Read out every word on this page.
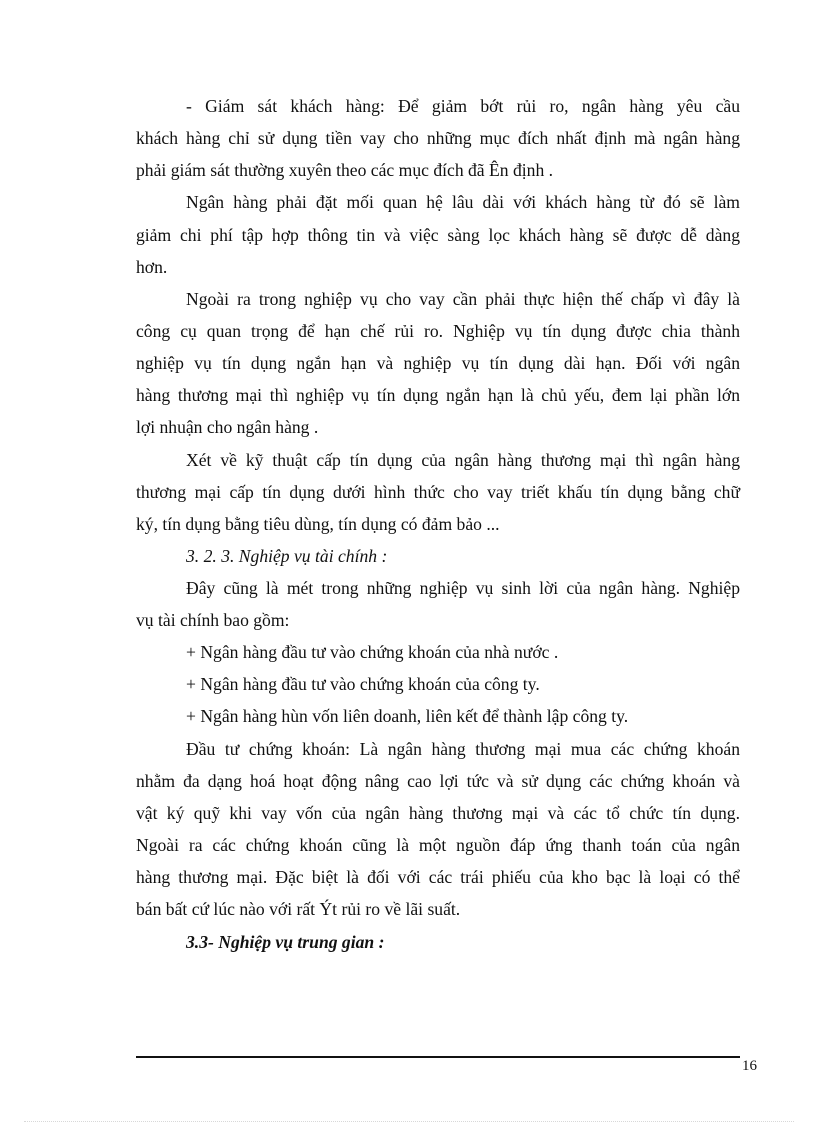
- Giám sát khách hàng: Để giảm bớt rủi ro, ngân hàng yêu cầu
khách hàng chỉ sử dụng tiền vay cho những mục đích nhất định mà ngân hàng
phải giám sát thường xuyên theo các mục đích đã Ên định .
Ngân hàng phải đặt mối quan hệ lâu dài với khách hàng từ đó sẽ làm
giảm chi phí tập hợp thông tin và việc sàng lọc khách hàng sẽ được dễ dàng
hơn.
Ngoài ra trong nghiệp vụ cho vay cần phải thực hiện thế chấp vì đây là
công cụ quan trọng để hạn chế rủi ro. Nghiệp vụ tín dụng được chia thành
nghiệp vụ tín dụng ngắn hạn và nghiệp vụ tín dụng dài hạn. Đối với ngân
hàng thương mại thì nghiệp vụ tín dụng ngắn hạn là chủ yếu, đem lại phần lớn
lợi nhuận cho ngân hàng .
Xét về kỹ thuật cấp tín dụng của ngân hàng thương mại thì ngân hàng
thương mại cấp tín dụng dưới hình thức cho vay triết khấu tín dụng bằng chữ
ký, tín dụng bằng tiêu dùng, tín dụng có đảm bảo ...
3. 2. 3. Nghiệp vụ tài chính :
Đây cũng là mét trong những nghiệp vụ sinh lời của ngân hàng. Nghiệp
vụ tài chính bao gồm:
+ Ngân hàng đầu tư vào chứng khoán của nhà nước .
+ Ngân hàng đầu tư vào chứng khoán của công ty.
+ Ngân hàng hùn vốn liên doanh, liên kết để thành lập công ty.
Đầu tư chứng khoán: Là ngân hàng thương mại mua các chứng khoán
nhằm đa dạng hoá hoạt động nâng cao lợi tức và sử dụng các chứng khoán và
vật ký quỹ khi vay vốn của ngân hàng thương mại và các tổ chức tín dụng.
Ngoài ra các chứng khoán cũng là một nguồn đáp ứng thanh toán của ngân
hàng thương mại. Đặc biệt là đối với các trái phiếu của kho bạc là loại có thể
bán bất cứ lúc nào với rất Ýt rủi ro về lãi suất.
3.3- Nghiệp vụ trung gian :
16
